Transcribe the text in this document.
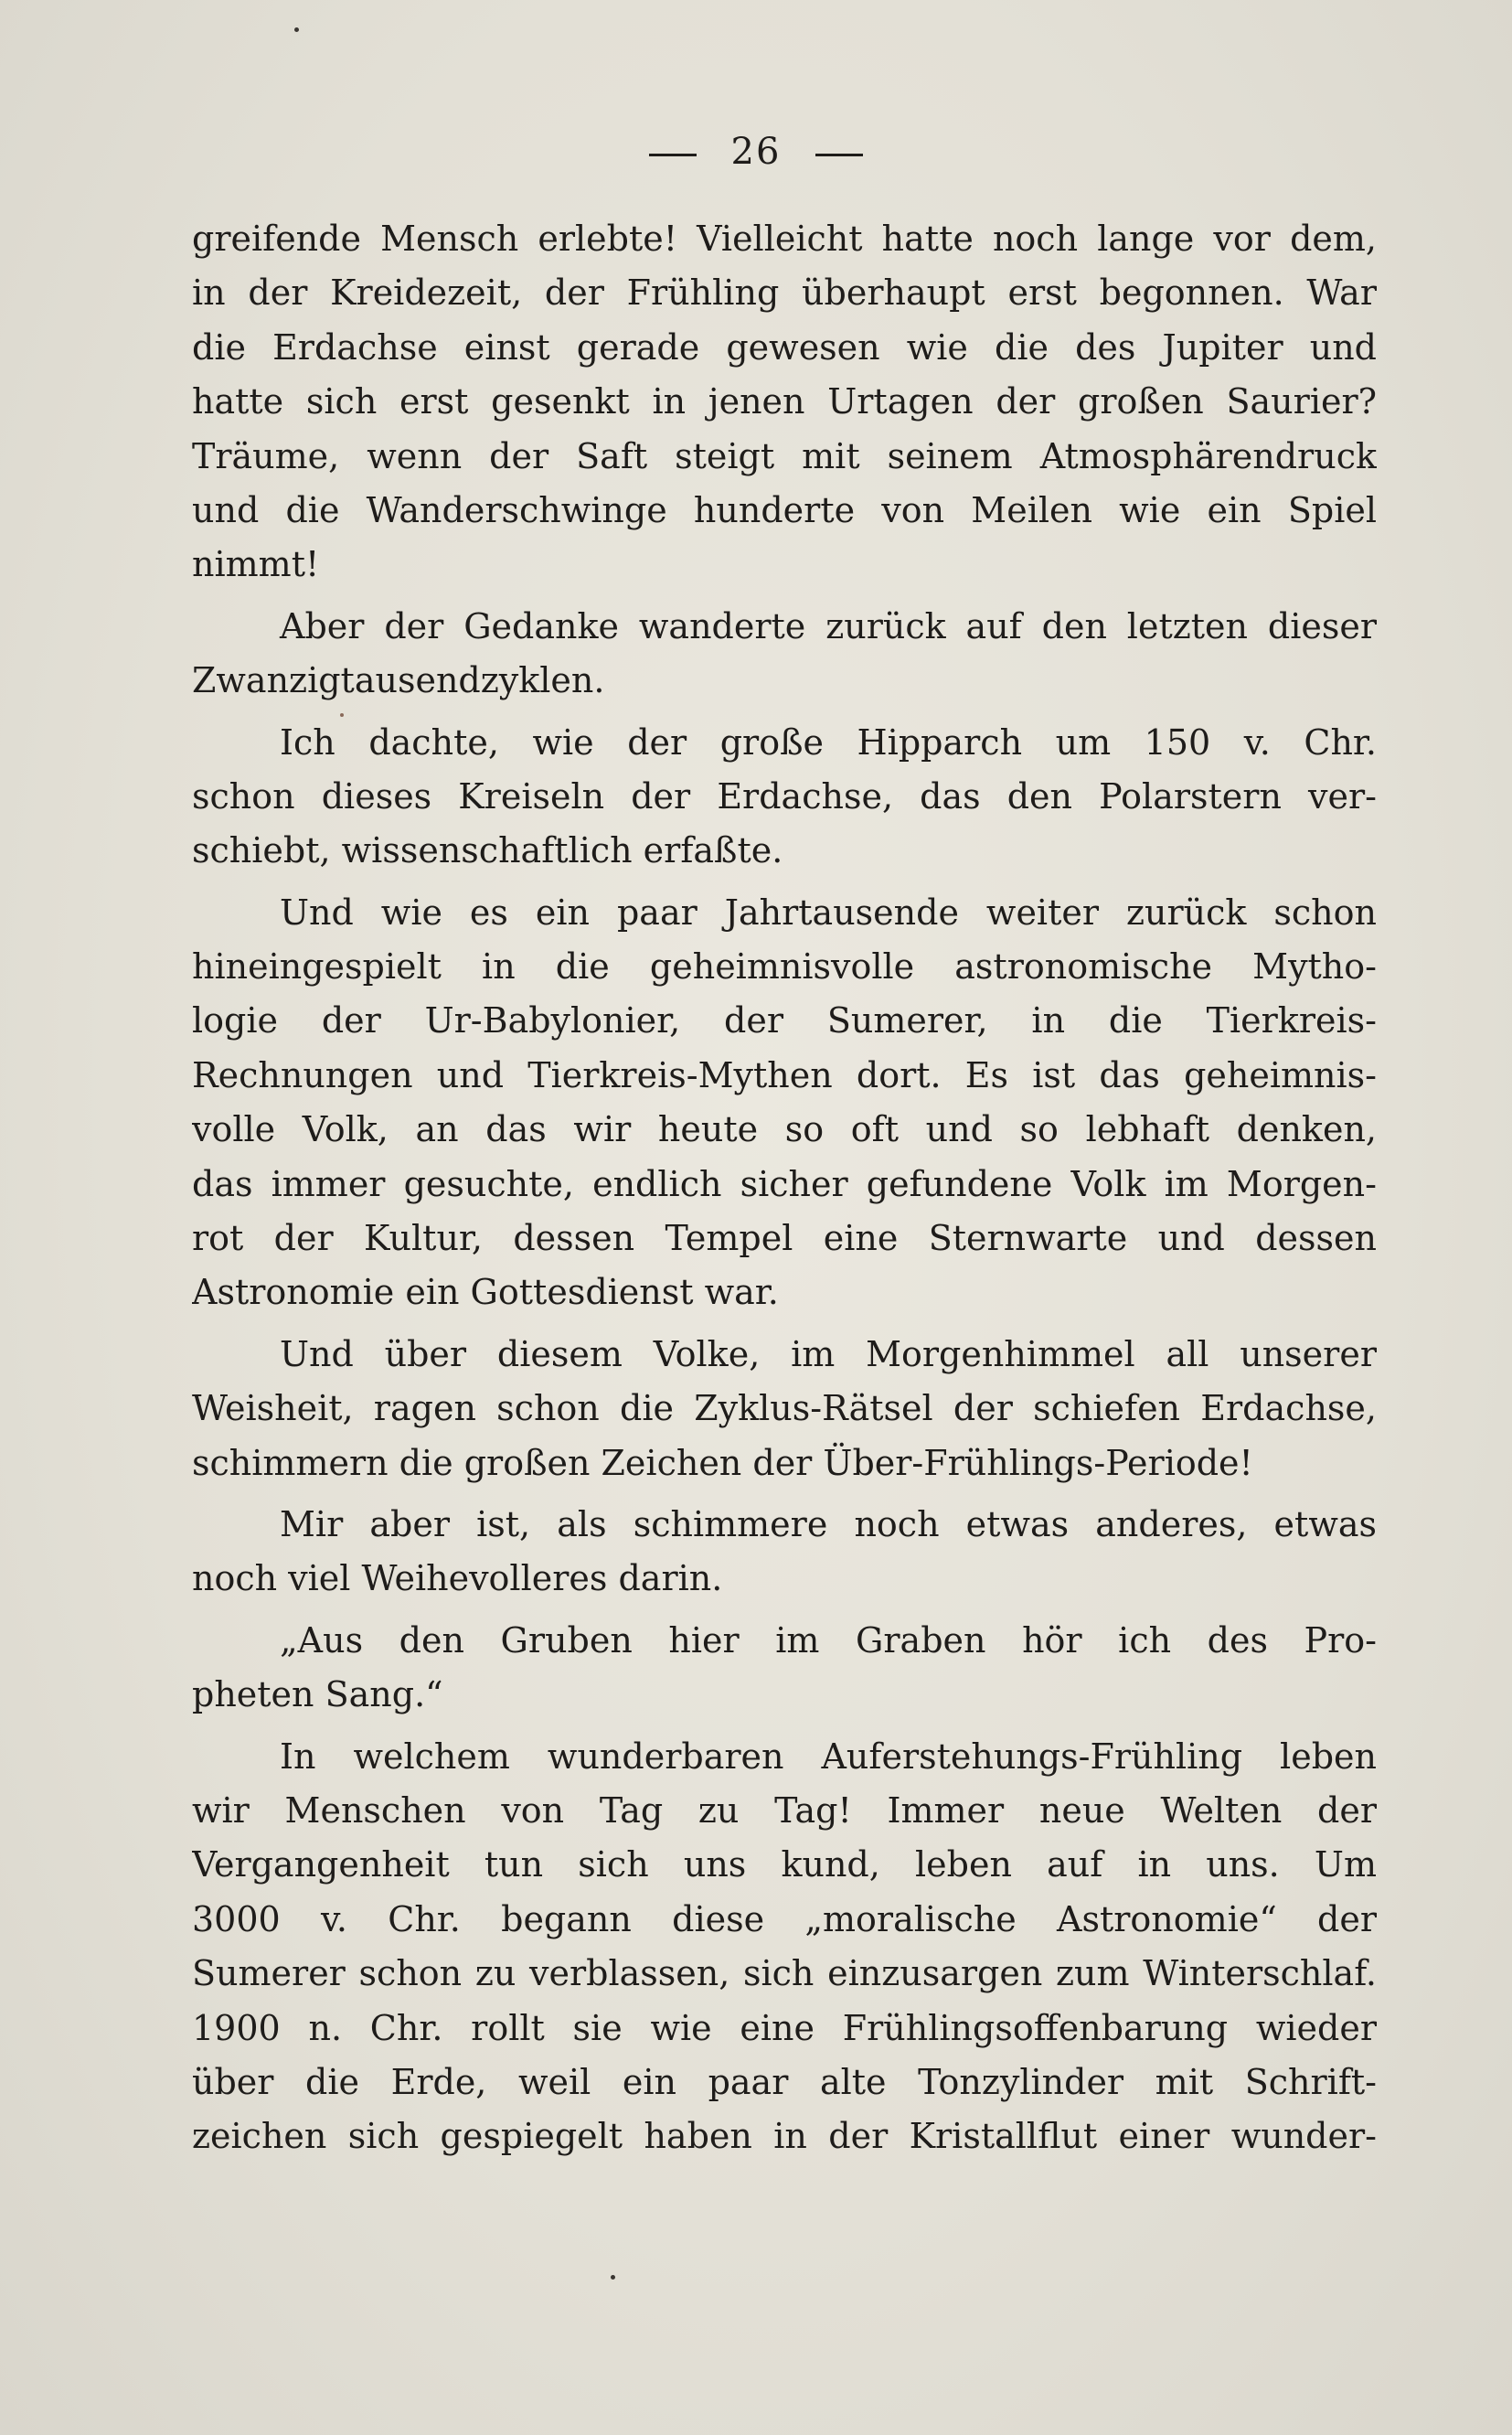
26
greifende Mensch erlebte! Vielleicht hatte noch lange vor dem,
in der Kreidezeit, der Frühling überhaupt erst begonnen. War
die Erdachse einst gerade gewesen wie die des Jupiter und
hatte sich erst gesenkt in jenen Urtagen der großen Saurier?
Träume, wenn der Saft steigt mit seinem Atmosphärendruck
und die Wanderschwinge hunderte von Meilen wie ein Spiel
nimmt!
Aber der Gedanke wanderte zurück auf den letzten dieser
Zwanzigtausendzyklen.
Ich dachte, wie der große Hipparch um 150 v. Chr.
schon dieses Kreiseln der Erdachse, das den Polarstern ver-
schiebt, wissenschaftlich erfaßte.
Und wie es ein paar Jahrtausende weiter zurück schon
hineingespielt in die geheimnisvolle astronomische Mytho-
logie der Ur-Babylonier, der Sumerer, in die Tierkreis-
Rechnungen und Tierkreis-Mythen dort. Es ist das geheimnis-
volle Volk, an das wir heute so oft und so lebhaft denken,
das immer gesuchte, endlich sicher gefundene Volk im Morgen-
rot der Kultur, dessen Tempel eine Sternwarte und dessen
Astronomie ein Gottesdienst war.
Und über diesem Volke, im Morgenhimmel all unserer
Weisheit, ragen schon die Zyklus-Rätsel der schiefen Erdachse,
schimmern die großen Zeichen der Über-Frühlings-Periode!
Mir aber ist, als schimmere noch etwas anderes, etwas
noch viel Weihevolleres darin.
„Aus den Gruben hier im Graben hör ich des Pro-
pheten Sang.“
In welchem wunderbaren Auferstehungs-Frühling leben
wir Menschen von Tag zu Tag! Immer neue Welten der
Vergangenheit tun sich uns kund, leben auf in uns. Um
3000 v. Chr. begann diese „moralische Astronomie“ der
Sumerer schon zu verblassen, sich einzusargen zum Winterschlaf.
1900 n. Chr. rollt sie wie eine Frühlingsoffenbarung wieder
über die Erde, weil ein paar alte Tonzylinder mit Schrift-
zeichen sich gespiegelt haben in der Kristallflut einer wunder-
